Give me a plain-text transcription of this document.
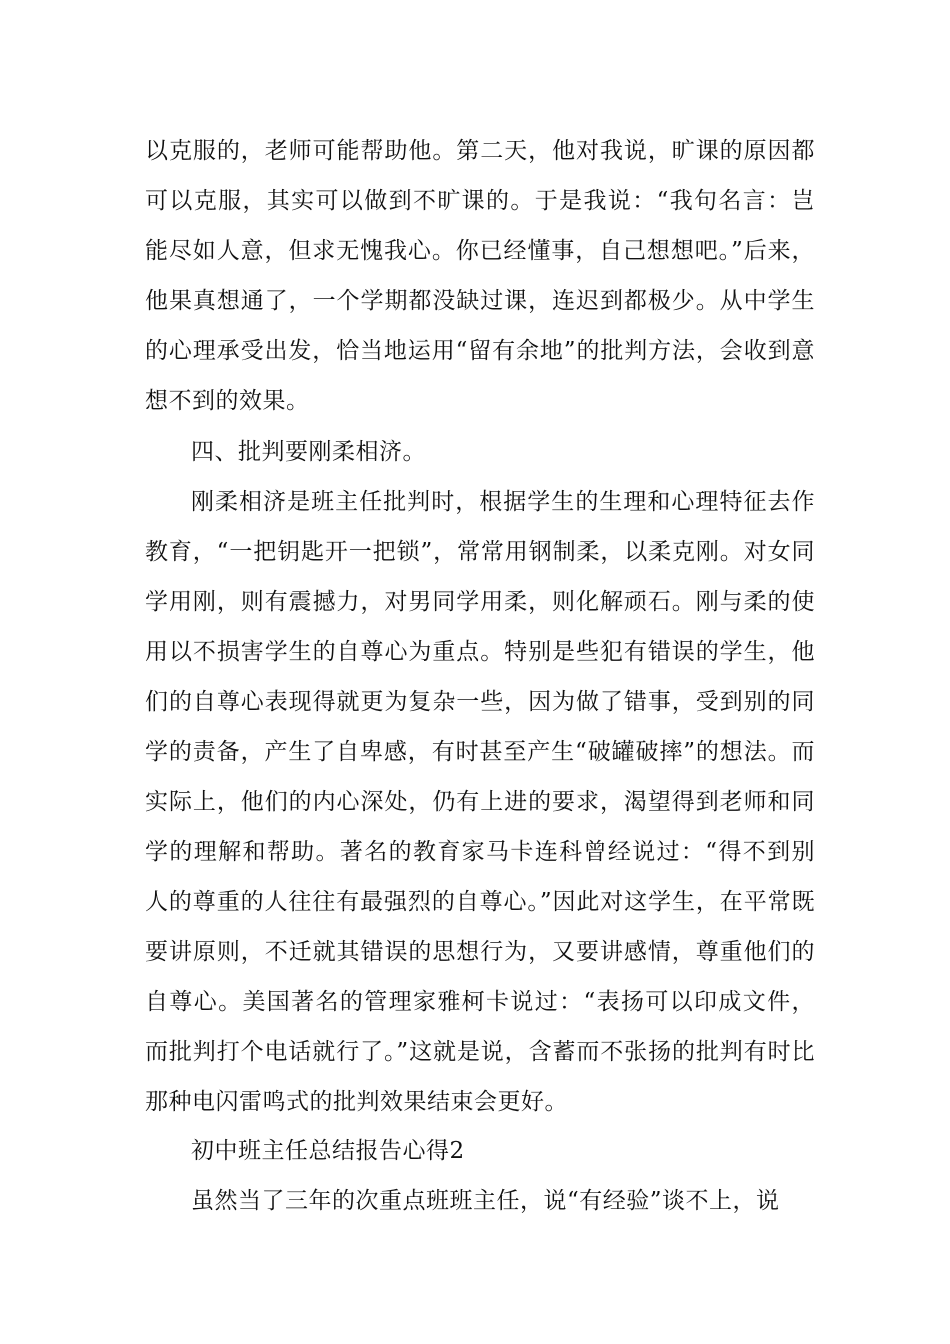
以克服的，老师可能帮助他。第二天，他对我说，旷课的原因都可以克服，其实可以做到不旷课的。于是我说：“我句名言：岂能尽如人意，但求无愧我心。你已经懂事，自己想想吧。”后来，他果真想通了，一个学期都没缺过课，连迟到都极少。从中学生的心理承受出发，恰当地运用“留有余地”的批判方法，会收到意想不到的效果。
四、批判要刚柔相济。
刚柔相济是班主任批判时，根据学生的生理和心理特征去作教育，“一把钥匙开一把锁”，常常用钢制柔，以柔克刚。对女同学用刚，则有震撼力，对男同学用柔，则化解顽石。刚与柔的使用以不损害学生的自尊心为重点。特别是些犯有错误的学生，他们的自尊心表现得就更为复杂一些，因为做了错事，受到别的同学的责备，产生了自卑感，有时甚至产生“破罐破摔”的想法。而实际上，他们的内心深处，仍有上进的要求，渴望得到老师和同学的理解和帮助。著名的教育家马卡连科曾经说过：“得不到别人的尊重的人往往有最强烈的自尊心。”因此对这学生，在平常既要讲原则，不迁就其错误的思想行为，又要讲感情，尊重他们的自尊心。美国著名的管理家雅柯卡说过：“表扬可以印成文件，而批判打个电话就行了。”这就是说，含蓄而不张扬的批判有时比那种电闪雷鸣式的批判效果结束会更好。
初中班主任总结报告心得2
虽然当了三年的次重点班班主任，说“有经验”谈不上，说
